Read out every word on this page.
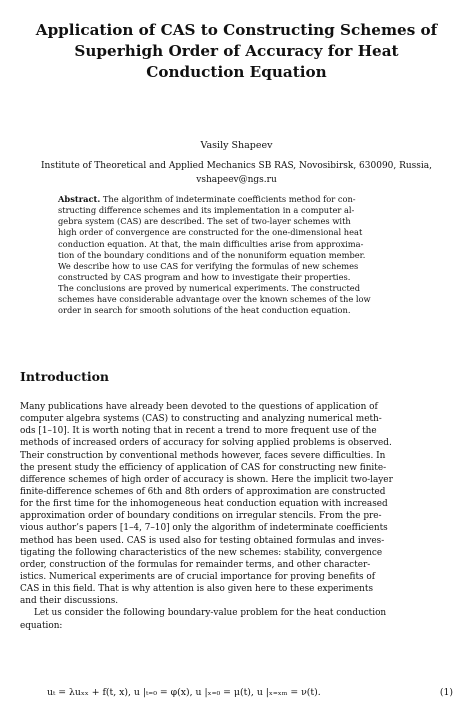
Application of CAS to Constructing Schemes of
Superhigh Order of Accuracy for Heat
Conduction Equation
Vasily Shapeev
Institute of Theoretical and Applied Mechanics SB RAS, Novosibirsk, 630090, Russia,
vshapeev@ngs.ru
Abstract. The algorithm of indeterminate coefficients method for con-
structing difference schemes and its implementation in a computer al-
gebra system (CAS) are described. The set of two-layer schemes with
high order of convergence are constructed for the one-dimensional heat
conduction equation. At that, the main difficulties arise from approxima-
tion of the boundary conditions and of the nonuniform equation member.
We describe how to use CAS for verifying the formulas of new schemes
constructed by CAS program and how to investigate their properties.
The conclusions are proved by numerical experiments. The constructed
schemes have considerable advantage over the known schemes of the low
order in search for smooth solutions of the heat conduction equation.
Introduction
Many publications have already been devoted to the questions of application of
computer algebra systems (CAS) to constructing and analyzing numerical meth-
ods [1–10]. It is worth noting that in recent a trend to more frequent use of the
methods of increased orders of accuracy for solving applied problems is observed.
Their construction by conventional methods however, faces severe difficulties. In
the present study the efficiency of application of CAS for constructing new finite-
difference schemes of high order of accuracy is shown. Here the implicit two-layer
finite-difference schemes of 6th and 8th orders of approximation are constructed
for the first time for the inhomogeneous heat conduction equation with increased
approximation order of boundary conditions on irregular stencils. From the pre-
vious author’s papers [1–4, 7–10] only the algorithm of indeterminate coefficients
method has been used. CAS is used also for testing obtained formulas and inves-
tigating the following characteristics of the new schemes: stability, convergence
order, construction of the formulas for remainder terms, and other character-
istics. Numerical experiments are of crucial importance for proving benefits of
CAS in this field. That is why attention is also given here to these experiments
and their discussions.
Let us consider the following boundary-value problem for the heat conduction
equation:
uₜ = λuₓₓ + f(t, x), u |ₜ₌₀ = φ(x), u |ₓ₌₀ = μ(t), u |ₓ₌ₓₘ = ν(t).	(1)
